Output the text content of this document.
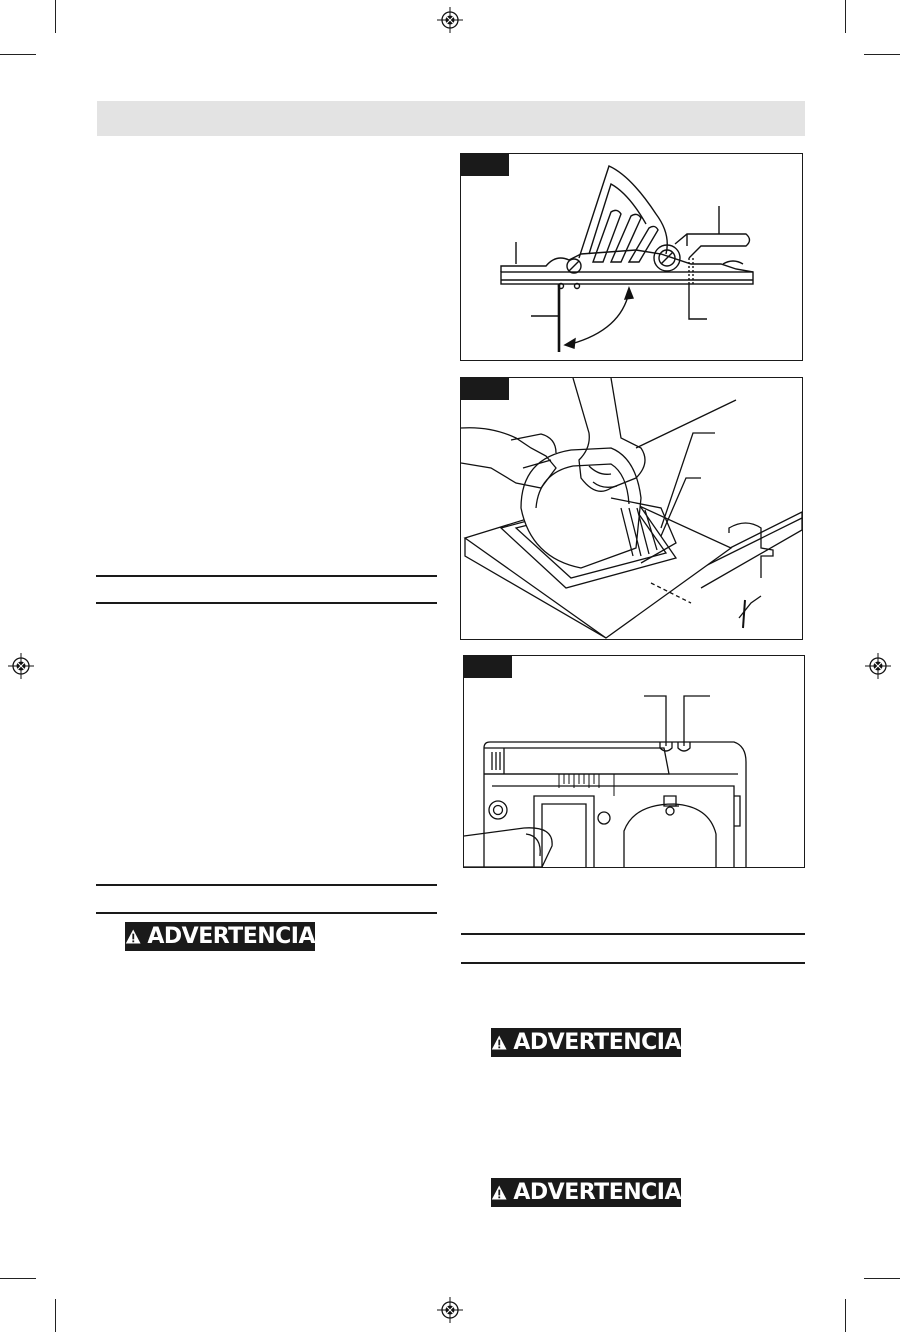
ADVERTENCIA
ADVERTENCIA
ADVERTENCIA
